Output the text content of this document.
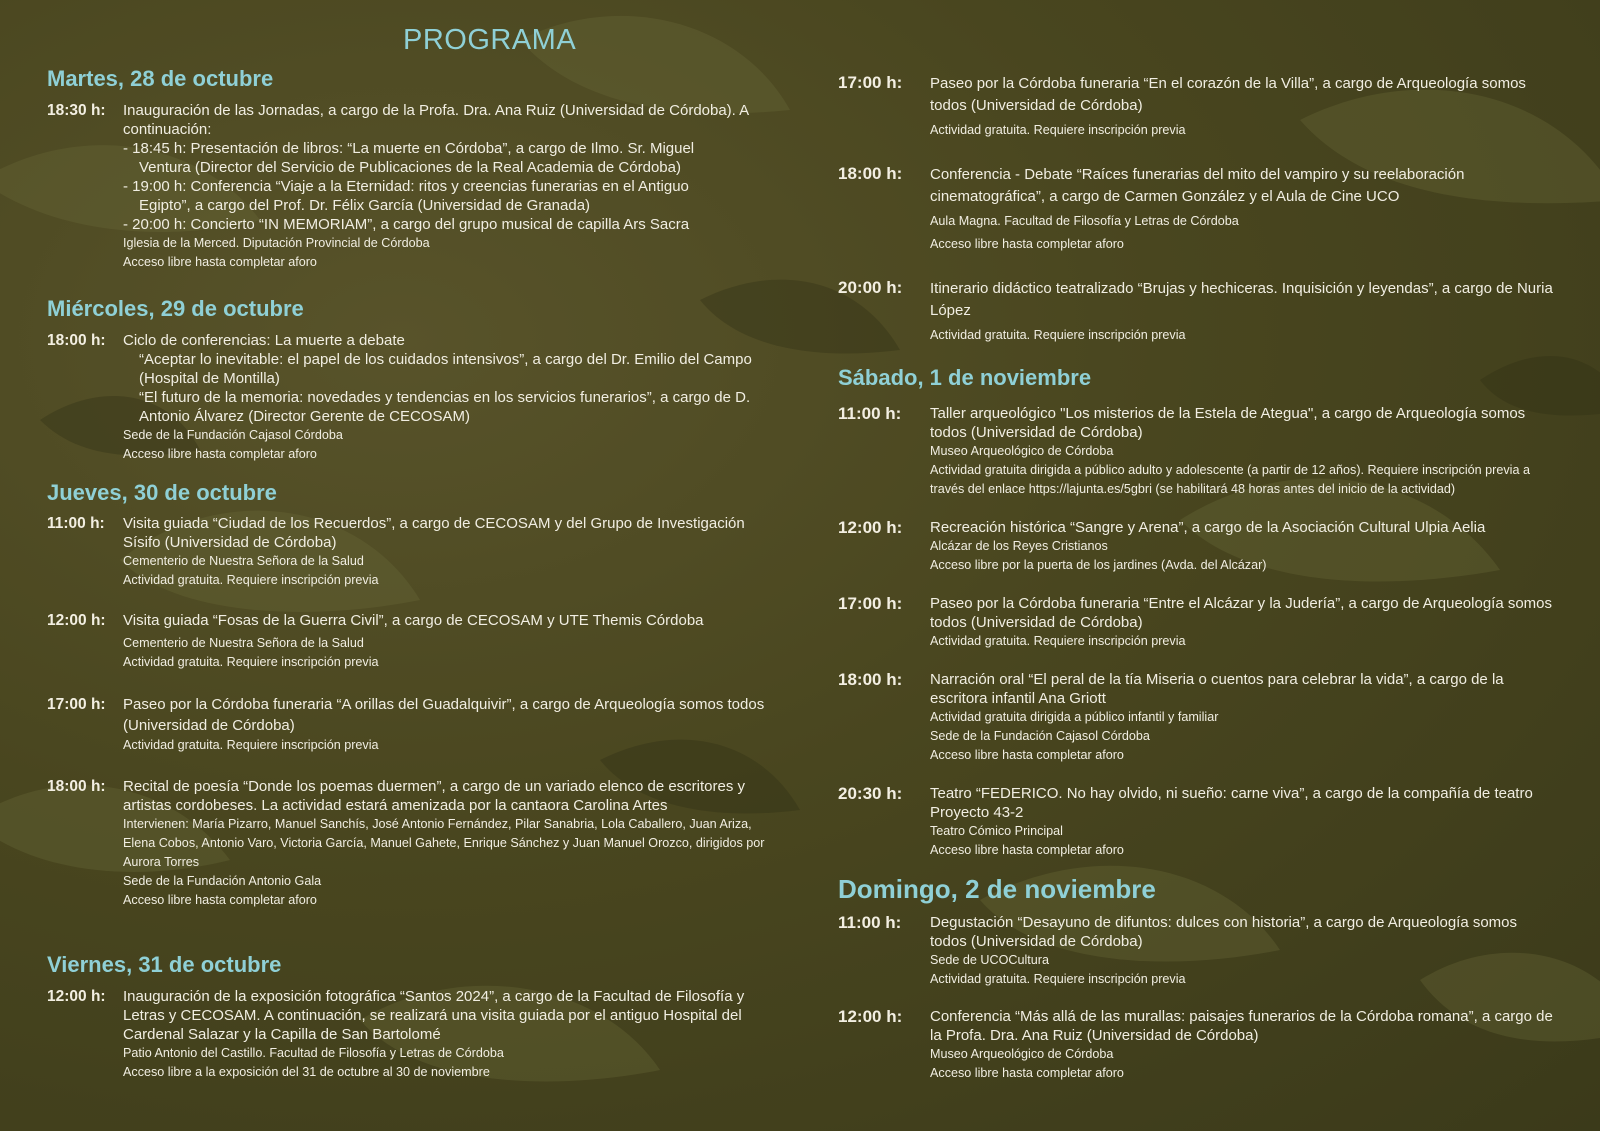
PROGRAMA
Martes, 28 de octubre
18:30 h: Inauguración de las Jornadas, a cargo de la Profa. Dra. Ana Ruiz (Universidad de Córdoba). A continuación:
- 18:45 h: Presentación de libros: “La muerte en Córdoba”, a cargo de Ilmo. Sr. Miguel
Ventura (Director del Servicio de Publicaciones de la Real Academia de Córdoba)
- 19:00 h: Conferencia “Viaje a la Eternidad: ritos y creencias funerarias en el Antiguo
Egipto”, a cargo del Prof. Dr. Félix García (Universidad de Granada)
- 20:00 h: Concierto “IN MEMORIAM”, a cargo del grupo musical de capilla Ars Sacra
Iglesia de la Merced. Diputación Provincial de Córdoba
Acceso libre hasta completar aforo
Miércoles, 29 de octubre
18:00 h: Ciclo de conferencias: La muerte a debate
“Aceptar lo inevitable: el papel de los cuidados intensivos”, a cargo del Dr. Emilio del Campo (Hospital de Montilla)
“El futuro de la memoria: novedades y tendencias en los servicios funerarios”, a cargo de D. Antonio Álvarez (Director Gerente de CECOSAM)
Sede de la Fundación Cajasol Córdoba
Acceso libre hasta completar aforo
Jueves, 30 de octubre
11:00 h: Visita guiada “Ciudad de los Recuerdos”, a cargo de CECOSAM y del Grupo de Investigación Sísifo (Universidad de Córdoba)
Cementerio de Nuestra Señora de la Salud
Actividad gratuita. Requiere inscripción previa
12:00 h: Visita guiada “Fosas de la Guerra Civil”, a cargo de CECOSAM y UTE Themis Córdoba
Cementerio de Nuestra Señora de la Salud
Actividad gratuita. Requiere inscripción previa
17:00 h: Paseo por la Córdoba funeraria “A orillas del Guadalquivir”, a cargo de Arqueología somos todos (Universidad de Córdoba)
Actividad gratuita. Requiere inscripción previa
18:00 h: Recital de poesía “Donde los poemas duermen”, a cargo de un variado elenco de escritores y artistas cordobeses. La actividad estará amenizada por la cantaora Carolina Artes
Intervienen: María Pizarro, Manuel Sanchís, José Antonio Fernández, Pilar Sanabria, Lola Caballero, Juan Ariza, Elena Cobos, Antonio Varo, Victoria García, Manuel Gahete, Enrique Sánchez y Juan Manuel Orozco, dirigidos por Aurora Torres
Sede de la Fundación Antonio Gala
Acceso libre hasta completar aforo
Viernes, 31 de octubre
12:00 h: Inauguración de la exposición fotográfica “Santos 2024”, a cargo de la Facultad de Filosofía y Letras y CECOSAM. A continuación, se realizará una visita guiada por el antiguo Hospital del Cardenal Salazar y la Capilla de San Bartolomé
Patio Antonio del Castillo. Facultad de Filosofía y Letras de Córdoba
Acceso libre a la exposición del 31 de octubre al 30 de noviembre
17:00 h: Paseo por la Córdoba funeraria “En el corazón de la Villa”, a cargo de Arqueología somos todos (Universidad de Córdoba)
Actividad gratuita. Requiere inscripción previa
18:00 h: Conferencia - Debate “Raíces funerarias del mito del vampiro y su reelaboración cinematográfica”, a cargo de Carmen González y el Aula de Cine UCO
Aula Magna. Facultad de Filosofía y Letras de Córdoba
Acceso libre hasta completar aforo
20:00 h: Itinerario didáctico teatralizado “Brujas y hechiceras. Inquisición y leyendas”, a cargo de Nuria López
Actividad gratuita. Requiere inscripción previa
Sábado, 1 de noviembre
11:00 h: Taller arqueológico "Los misterios de la Estela de Ategua", a cargo de Arqueología somos todos (Universidad de Córdoba)
Museo Arqueológico de Córdoba
Actividad gratuita dirigida a público adulto y adolescente (a partir de 12 años). Requiere inscripción previa a través del enlace https://lajunta.es/5gbri (se habilitará 48 horas antes del inicio de la actividad)
12:00 h: Recreación histórica “Sangre y Arena”, a cargo de la Asociación Cultural Ulpia Aelia
Alcázar de los Reyes Cristianos
Acceso libre por la puerta de los jardines (Avda. del Alcázar)
17:00 h: Paseo por la Córdoba funeraria “Entre el Alcázar y la Judería”, a cargo de Arqueología somos todos (Universidad de Córdoba)
Actividad gratuita. Requiere inscripción previa
18:00 h: Narración oral “El peral de la tía Miseria o cuentos para celebrar la vida”, a cargo de la escritora infantil Ana Griott
Actividad gratuita dirigida a público infantil y familiar
Sede de la Fundación Cajasol Córdoba
Acceso libre hasta completar aforo
20:30 h: Teatro “FEDERICO. No hay olvido, ni sueño: carne viva”, a cargo de la compañía de teatro Proyecto 43-2
Teatro Cómico Principal
Acceso libre hasta completar aforo
Domingo, 2 de noviembre
11:00 h: Degustación “Desayuno de difuntos: dulces con historia”, a cargo de Arqueología somos todos (Universidad de Córdoba)
Sede de UCOCultura
Actividad gratuita. Requiere inscripción previa
12:00 h: Conferencia “Más allá de las murallas: paisajes funerarios de la Córdoba romana”, a cargo de la Profa. Dra. Ana Ruiz (Universidad de Córdoba)
Museo Arqueológico de Córdoba
Acceso libre hasta completar aforo
